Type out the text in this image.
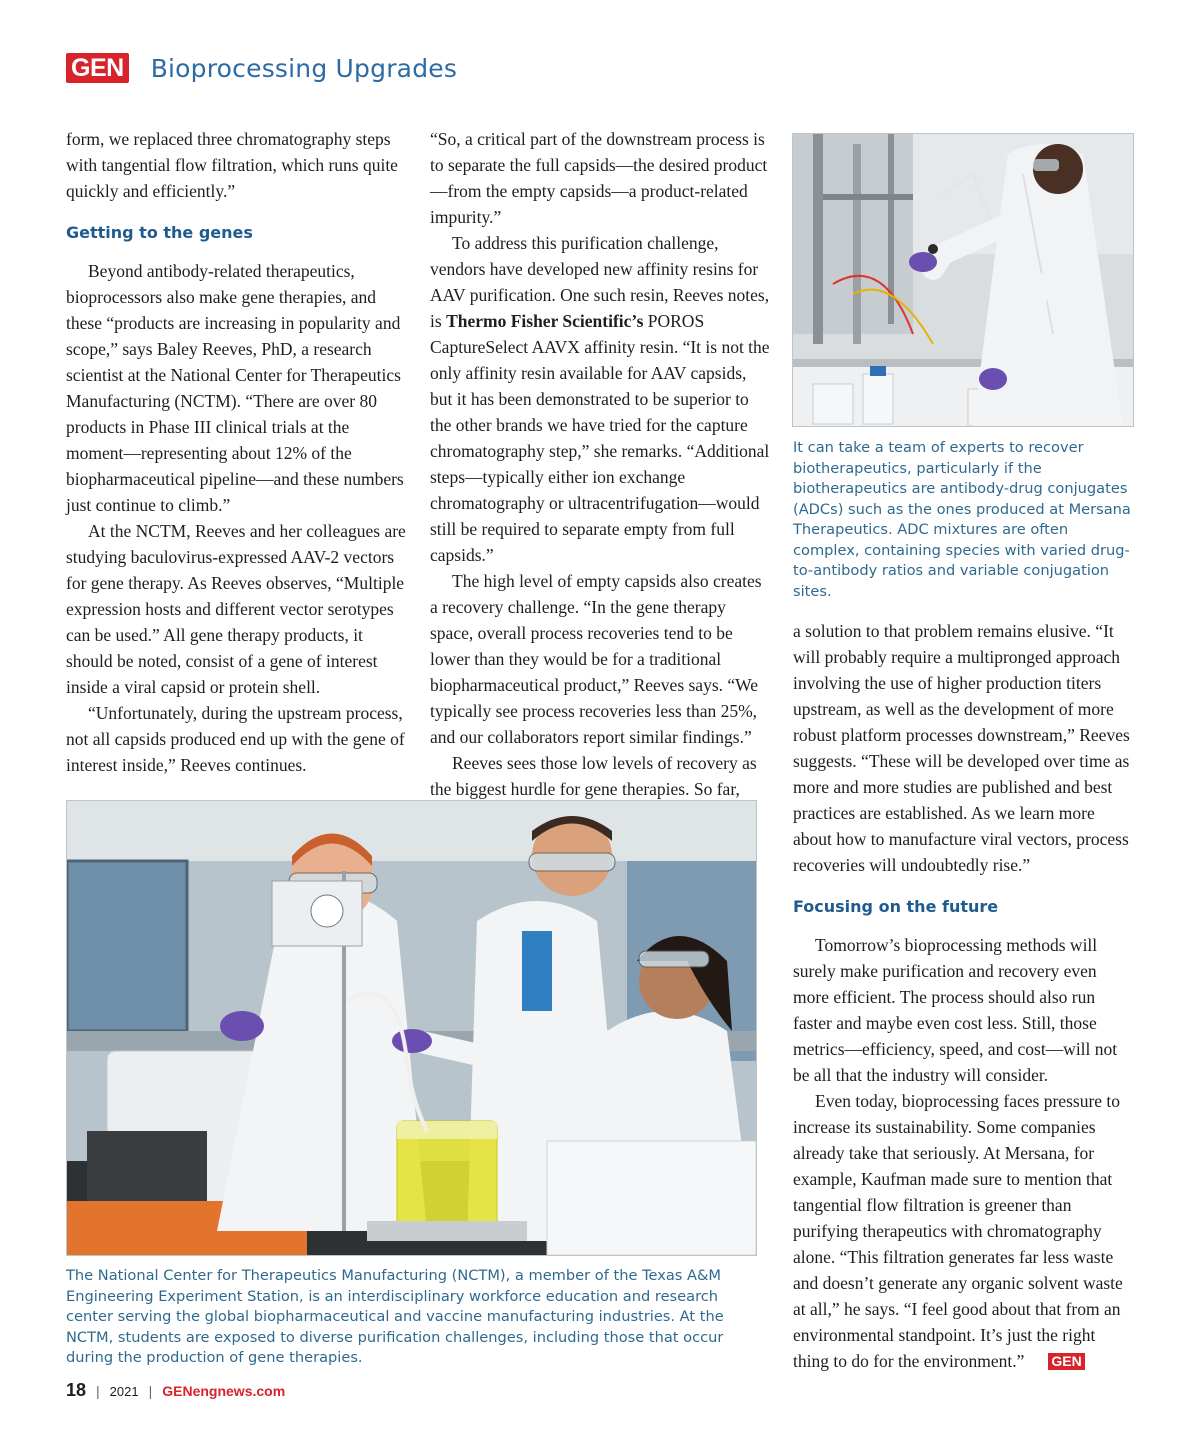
GEN Bioprocessing Upgrades

form, we replaced three chromatography steps with tangential flow filtration, which runs quite quickly and efficiently.”

Getting to the genes

Beyond antibody-related therapeutics, bioprocessors also make gene therapies, and these “products are increasing in popularity and scope,” says Baley Reeves, PhD, a research scientist at the National Center for Therapeutics Manufacturing (NCTM). “There are over 80 products in Phase III clinical trials at the moment—representing about 12% of the biopharmaceutical pipeline—and these numbers just continue to climb.”

At the NCTM, Reeves and her colleagues are studying baculovirus-expressed AAV-2 vectors for gene therapy. As Reeves observes, “Multiple expression hosts and different vector serotypes can be used.” All gene therapy products, it should be noted, consist of a gene of interest inside a viral capsid or protein shell.

“Unfortunately, during the upstream process, not all capsids produced end up with the gene of interest inside,” Reeves continues.

“So, a critical part of the downstream process is to separate the full capsids—the desired product—from the empty capsids—a product-related impurity.”

To address this purification challenge, vendors have developed new affinity resins for AAV purification. One such resin, Reeves notes, is Thermo Fisher Scientific’s POROS CaptureSelect AAVX affinity resin. “It is not the only affinity resin available for AAV capsids, but it has been demonstrated to be superior to the other brands we have tried for the capture chromatography step,” she remarks. “Additional steps—typically either ion exchange chromatography or ultracentrifugation—would still be required to separate empty from full capsids.”

The high level of empty capsids also creates a recovery challenge. “In the gene therapy space, overall process recoveries tend to be lower than they would be for a traditional biopharmaceutical product,” Reeves says. “We typically see process recoveries less than 25%, and our collaborators report similar findings.”

Reeves sees those low levels of recovery as the biggest hurdle for gene therapies. So far,

It can take a team of experts to recover biotherapeutics, particularly if the biotherapeutics are antibody-drug conjugates (ADCs) such as the ones produced at Mersana Therapeutics. ADC mixtures are often complex, containing species with varied drug-to-antibody ratios and variable conjugation sites.

a solution to that problem remains elusive. “It will probably require a multipronged approach involving the use of higher production titers upstream, as well as the development of more robust platform processes downstream,” Reeves suggests. “These will be developed over time as more and more studies are published and best practices are established. As we learn more about how to manufacture viral vectors, process recoveries will undoubtedly rise.”

Focusing on the future

Tomorrow’s bioprocessing methods will surely make purification and recovery even more efficient. The process should also run faster and maybe even cost less. Still, those metrics—efficiency, speed, and cost—will not be all that the industry will consider.

Even today, bioprocessing faces pressure to increase its sustainability. Some companies already take that seriously. At Mersana, for example, Kaufman made sure to mention that tangential flow filtration is greener than purifying therapeutics with chromatography alone. “This filtration generates far less waste and doesn’t generate any organic solvent waste at all,” he says. “I feel good about that from an environmental standpoint. It’s just the right thing to do for the environment.” GEN

The National Center for Therapeutics Manufacturing (NCTM), a member of the Texas A&M Engineering Experiment Station, is an interdisciplinary workforce education and research center serving the global biopharmaceutical and vaccine manufacturing industries. At the NCTM, students are exposed to diverse purification challenges, including those that occur during the production of gene therapies.
18 | 2021 | GENengnews.com
